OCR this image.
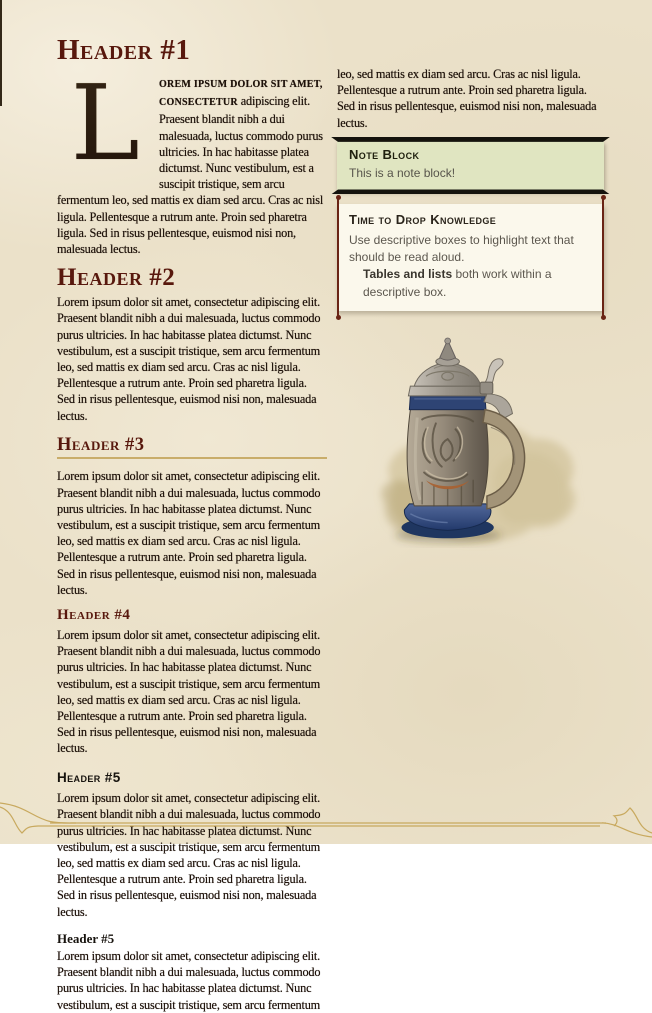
Header #1

L	OREM IPSUM DOLOR SIT AMET, CONSECTETUR adipiscing elit. Praesent blandit nibh a dui malesuada, luctus commodo purus ultricies. In hac habitasse platea dictumst. Nunc vestibulum, est a suscipit tristique, sem arcu fermentum leo, sed mattis ex diam sed arcu. Cras ac nisl ligula. Pellentesque a rutrum ante. Proin sed pharetra ligula. Sed in risus pellentesque, euismod nisi non, malesuada lectus.

Header #2

Lorem ipsum dolor sit amet, consectetur adipiscing elit. Praesent blandit nibh a dui malesuada, luctus commodo purus ultricies. In hac habitasse platea dictumst. Nunc vestibulum, est a suscipit tristique, sem arcu fermentum leo, sed mattis ex diam sed arcu. Cras ac nisl ligula. Pellentesque a rutrum ante. Proin sed pharetra ligula. Sed in risus pellentesque, euismod nisi non, malesuada lectus.

Header #3

Lorem ipsum dolor sit amet, consectetur adipiscing elit. Praesent blandit nibh a dui malesuada, luctus commodo purus ultricies. In hac habitasse platea dictumst. Nunc vestibulum, est a suscipit tristique, sem arcu fermentum leo, sed mattis ex diam sed arcu. Cras ac nisl ligula. Pellentesque a rutrum ante. Proin sed pharetra ligula. Sed in risus pellentesque, euismod nisi non, malesuada lectus.

Header #4

Lorem ipsum dolor sit amet, consectetur adipiscing elit. Praesent blandit nibh a dui malesuada, luctus commodo purus ultricies. In hac habitasse platea dictumst. Nunc vestibulum, est a suscipit tristique, sem arcu fermentum leo, sed mattis ex diam sed arcu. Cras ac nisl ligula. Pellentesque a rutrum ante. Proin sed pharetra ligula. Sed in risus pellentesque, euismod nisi non, malesuada lectus.

Header #5

Lorem ipsum dolor sit amet, consectetur adipiscing elit. Praesent blandit nibh a dui malesuada, luctus commodo purus ultricies. In hac habitasse platea dictumst. Nunc vestibulum, est a suscipit tristique, sem arcu fermentum leo, sed mattis ex diam sed arcu. Cras ac nisl ligula. Pellentesque a rutrum ante. Proin sed pharetra ligula. Sed in risus pellentesque, euismod nisi non, malesuada lectus.

Header #5

Lorem ipsum dolor sit amet, consectetur adipiscing elit. Praesent blandit nibh a dui malesuada, luctus commodo purus ultricies. In hac habitasse platea dictumst. Nunc vestibulum, est a suscipit tristique, sem arcu fermentum

leo, sed mattis ex diam sed arcu. Cras ac nisl ligula. Pellentesque a rutrum ante. Proin sed pharetra ligula. Sed in risus pellentesque, euismod nisi non, malesuada lectus.

Note Block

This is a note block!

Time to Drop Knowledge

Use descriptive boxes to highlight text that should be read aloud.

Tables and lists both work within a descriptive box.
